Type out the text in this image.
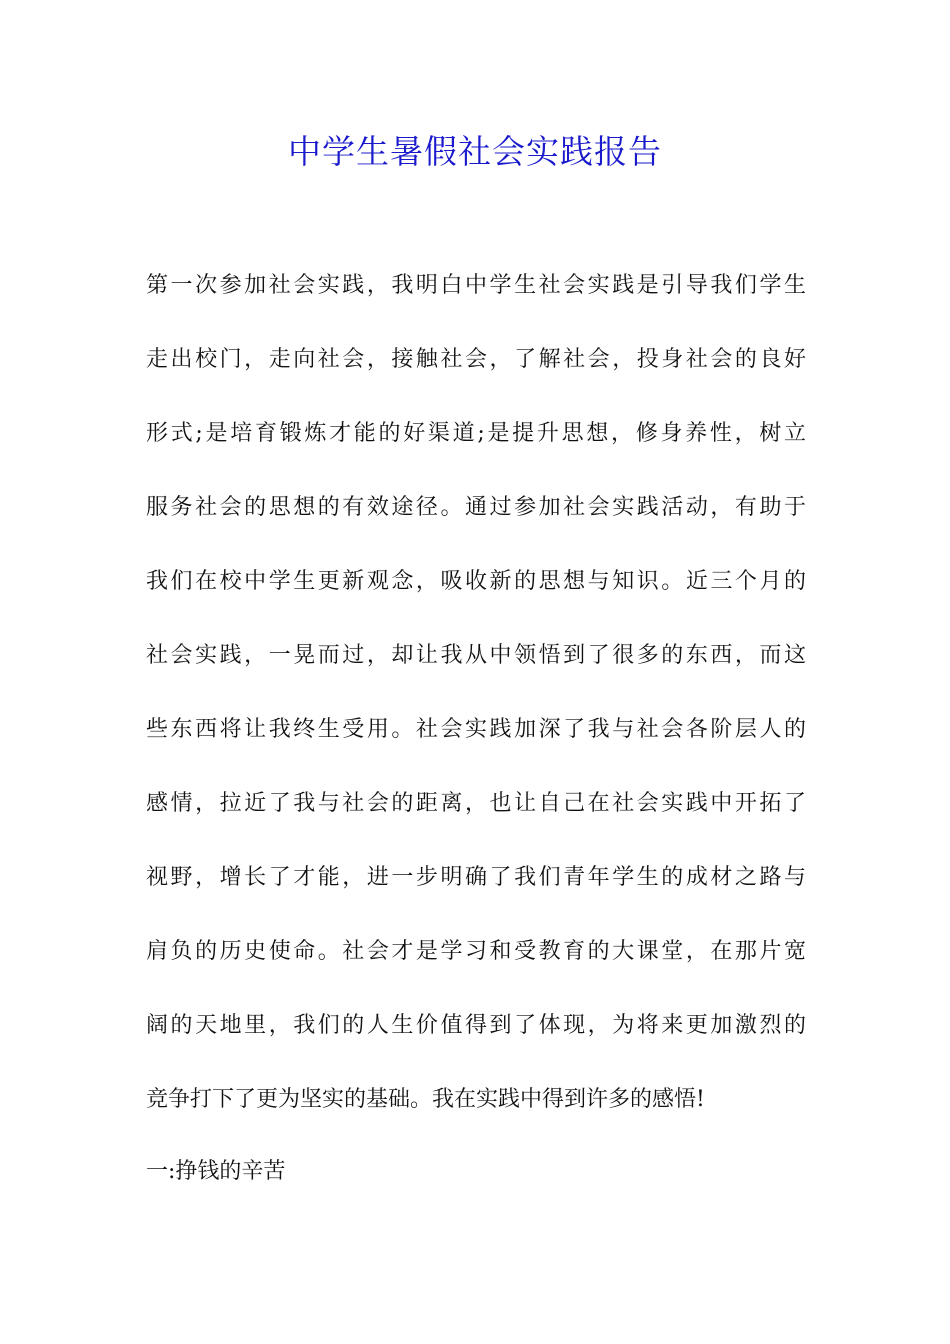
中学生暑假社会实践报告

第一次参加社会实践，我明白中学生社会实践是引导我们学生

走出校门，走向社会，接触社会，了解社会，投身社会的良好

形式;是培育锻炼才能的好渠道;是提升思想，修身养性，树立

服务社会的思想的有效途径。通过参加社会实践活动，有助于

我们在校中学生更新观念，吸收新的思想与知识。近三个月的

社会实践，一晃而过，却让我从中领悟到了很多的东西，而这

些东西将让我终生受用。社会实践加深了我与社会各阶层人的

感情，拉近了我与社会的距离，也让自己在社会实践中开拓了

视野，增长了才能，进一步明确了我们青年学生的成材之路与

肩负的历史使命。社会才是学习和受教育的大课堂，在那片宽

阔的天地里，我们的人生价值得到了体现，为将来更加激烈的

竞争打下了更为坚实的基础。我在实践中得到许多的感悟!

一:挣钱的辛苦
